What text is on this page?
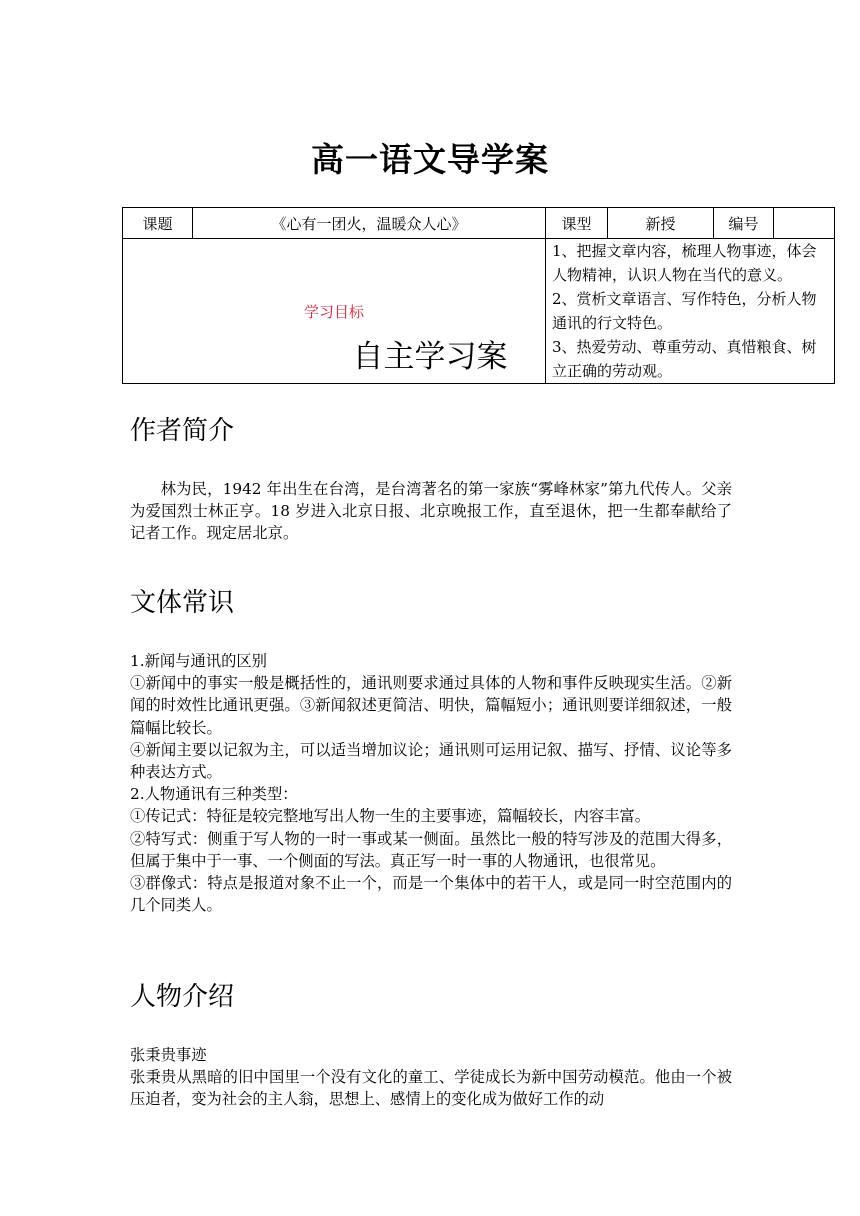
高一语文导学案
课题	《心有一团火，温暖众人心》	课型	新授	编号	
学习目标		1、把握文章内容，梳理人物事迹，体会人物精神，认识人物在当代的意义。
2、赏析文章语言、写作特色，分析人物通讯的行文特色。
3、热爱劳动、尊重劳动、真惜粮食、树立正确的劳动观。			
自主学习案
作者简介

林为民，1942 年出生在台湾，是台湾著名的第一家族“雾峰林家”第九代传人。父亲为爱国烈士林正亨。18 岁进入北京日报、北京晚报工作，直至退休，把一生都奉献给了记者工作。现定居北京。

文体常识

1.新闻与通讯的区别

①新闻中的事实一般是概括性的，通讯则要求通过具体的人物和事件反映现实生活。②新闻的时效性比通讯更强。③新闻叙述更简洁、明快，篇幅短小；通讯则要详细叙述，一般篇幅比较长。

④新闻主要以记叙为主，可以适当增加议论；通讯则可运用记叙、描写、抒情、议论等多种表达方式。

2.人物通讯有三种类型：

①传记式：特征是较完整地写出人物一生的主要事迹，篇幅较长，内容丰富。

②特写式：侧重于写人物的一时一事或某一侧面。虽然比一般的特写涉及的范围大得多，但属于集中于一事、一个侧面的写法。真正写一时一事的人物通讯，也很常见。

③群像式：特点是报道对象不止一个，而是一个集体中的若干人，或是同一时空范围内的几个同类人。

人物介绍

张秉贵事迹

张秉贵从黑暗的旧中国里一个没有文化的童工、学徒成长为新中国劳动模范。他由一个被压迫者，变为社会的主人翁，思想上、感情上的变化成为做好工作的动
